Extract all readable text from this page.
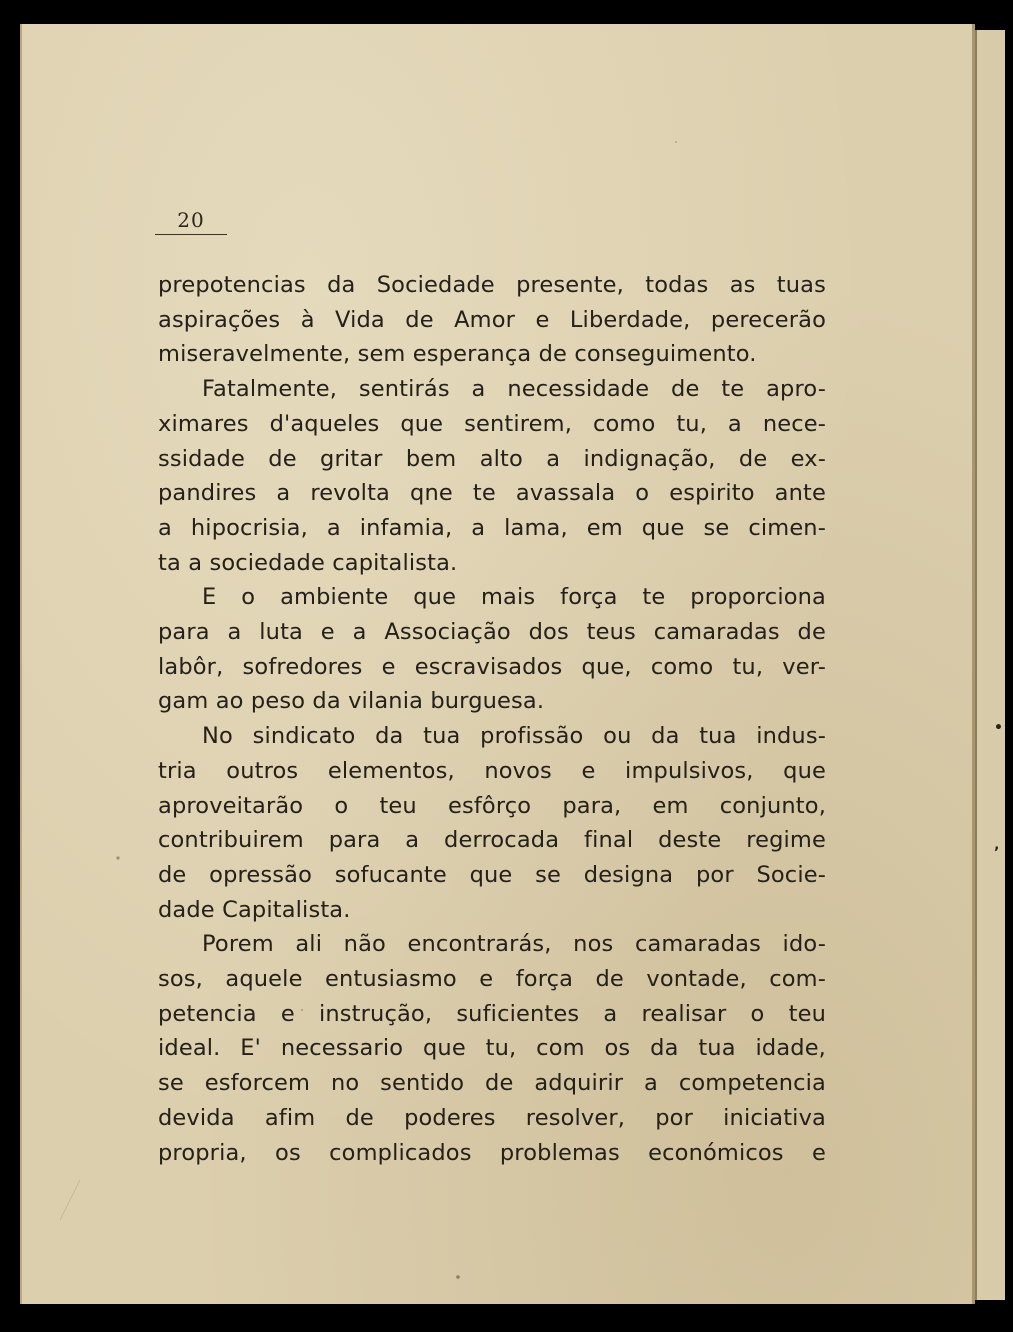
•
’
20
prepotencias da Sociedade presente, todas as tuas
aspirações à Vida de Amor e Liberdade, perecerão
miseravelmente, sem esperança de conseguimento.
Fatalmente, sentirás a necessidade de te apro-
ximares d'aqueles que sentirem, como tu, a nece-
ssidade de gritar bem alto a indignação, de ex-
pandires a revolta qne te avassala o espirito ante
a hipocrisia, a infamia, a lama, em que se cimen-
ta a sociedade capitalista.
E o ambiente que mais força te proporciona
para a luta e a Associação dos teus camaradas de
labôr, sofredores e escravisados que, como tu, ver-
gam ao peso da vilania burguesa.
No sindicato da tua profissão ou da tua indus-
tria outros elementos, novos e impulsivos, que
aproveitarão o teu esfôrço para, em conjunto,
contribuirem para a derrocada final deste regime
de opressão sofucante que se designa por Socie-
dade Capitalista.
Porem ali não encontrarás, nos camaradas ido-
sos, aquele entusiasmo e força de vontade, com-
petencia e instrução, suficientes a realisar o teu
ideal. E' necessario que tu, com os da tua idade,
se esforcem no sentido de adquirir a competencia
devida afim de poderes resolver, por iniciativa
propria, os complicados problemas económicos e
